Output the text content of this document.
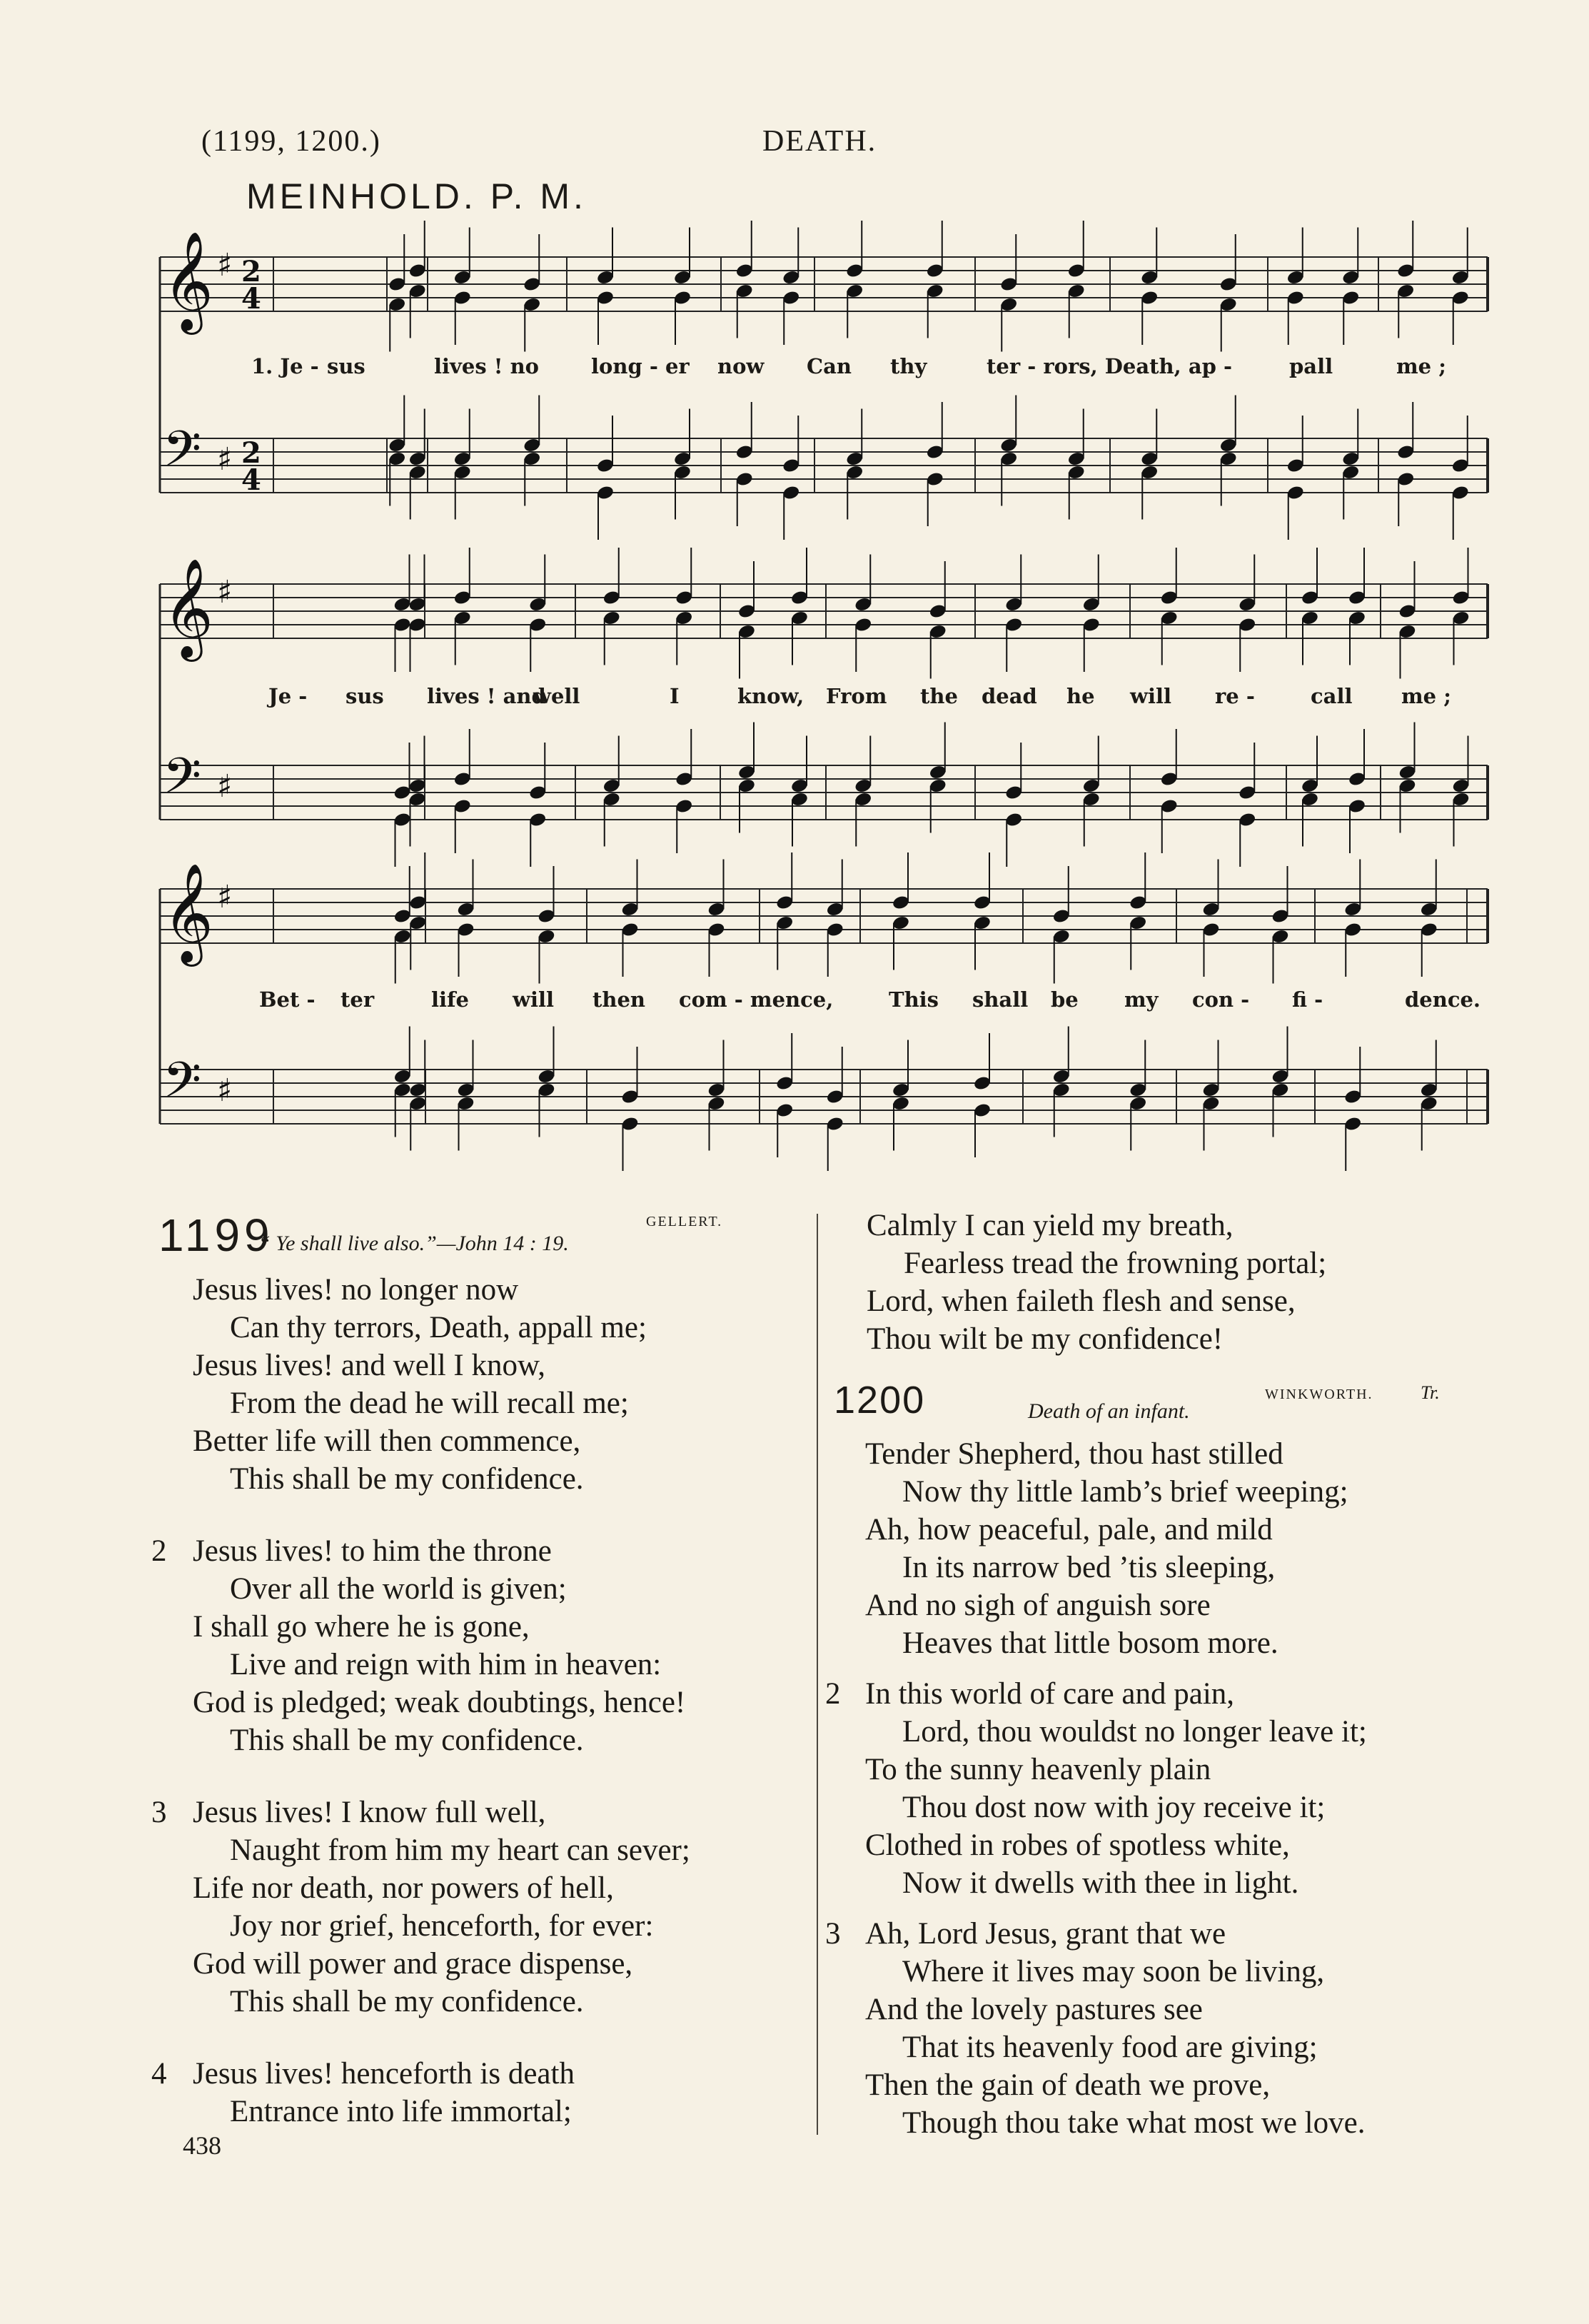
(1199, 1200.)	DEATH.
MEINHOLD. P. M.
𝄞 ♯
𝄢 ♯
𝄞 ♯
𝄢 ♯
𝄞 ♯
𝄢 ♯
2
4
2
4
1. Je - sus	lives ! no	long - er now Can thy	ter - rors, Death, ap -	pall	me ;
Je - sus lives ! and
well	I	know, From the dead he will re -	call me ;
Bet - ter	life will then com - mence,	This shall be my con - fi -	dence.
1199	GELLERT.
“ Ye shall live also.”—John 14 : 19.
Jesus lives! no longer now
Can thy terrors, Death, appall me;
Jesus lives! and well I know,
From the dead he will recall me;
Better life will then commence,
This shall be my confidence.
2 Jesus lives! to him the throne
Over all the world is given;
I shall go where he is gone,
Live and reign with him in heaven:
God is pledged; weak doubtings, hence!
This shall be my confidence.
3 Jesus lives! I know full well,
Naught from him my heart can sever;
Life nor death, nor powers of hell,
Joy nor grief, henceforth, for ever:
God will power and grace dispense,
This shall be my confidence.
4 Jesus lives! henceforth is death
Entrance into life immortal;
Calmly I can yield my breath,
Fearless tread the frowning portal;
Lord, when faileth flesh and sense,
Thou wilt be my confidence!
1200	Death of an infant.
WINKWORTH.	Tr.
Tender Shepherd, thou hast stilled
Now thy little lamb’s brief weeping;
Ah, how peaceful, pale, and mild
In its narrow bed ’tis sleeping,
And no sigh of anguish sore
Heaves that little bosom more.
2 In this world of care and pain,
Lord, thou wouldst no longer leave it;
To the sunny heavenly plain
Thou dost now with joy receive it;
Clothed in robes of spotless white,
Now it dwells with thee in light.
3 Ah, Lord Jesus, grant that we
Where it lives may soon be living,
And the lovely pastures see
That its heavenly food are giving;
Then the gain of death we prove,
Though thou take what most we love.
438
